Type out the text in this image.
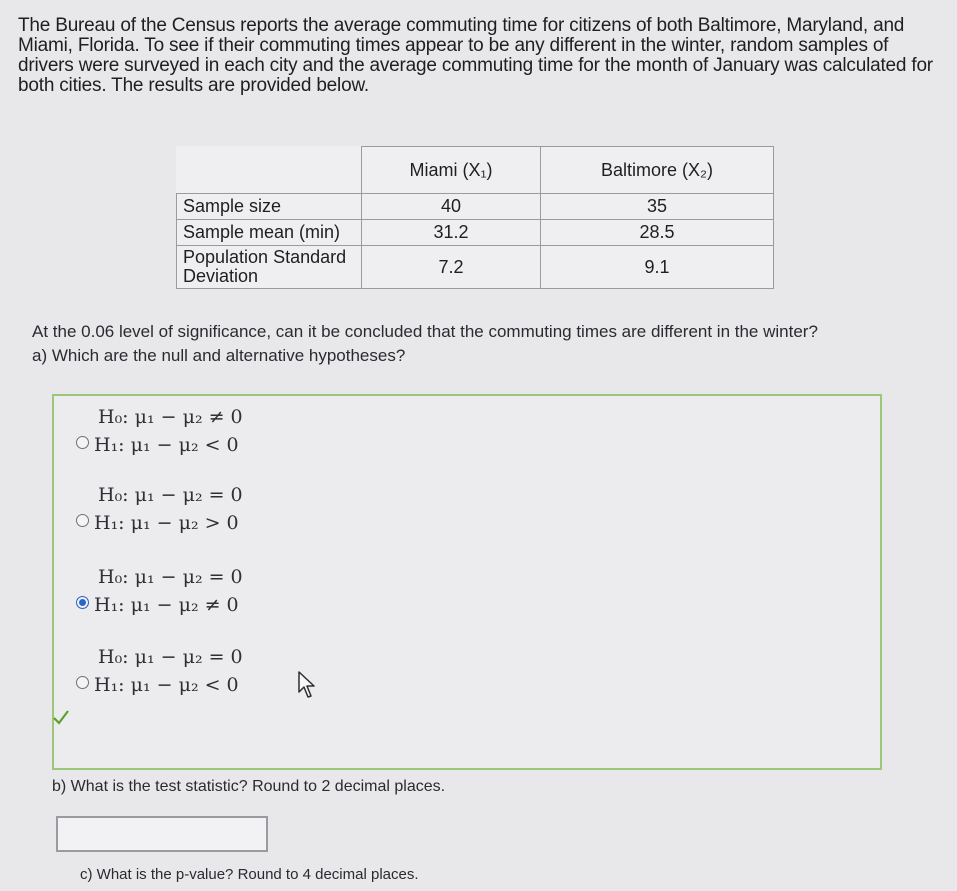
The Bureau of the Census reports the average commuting time for citizens of both Baltimore, Maryland, and Miami, Florida. To see if their commuting times appear to be any different in the winter, random samples of drivers were surveyed in each city and the average commuting time for the month of January was calculated for both cities. The results are provided below.
	Miami (X₁)	Baltimore (X₂)
Sample size	40	35
Sample mean (min)	31.2	28.5
Population Standard Deviation	7.2	9.1
At the 0.06 level of significance, can it be concluded that the commuting times are different in the winter?
a) Which are the null and alternative hypotheses?
H₀: μ₁ − μ₂ ≠ 0
H₁: μ₁ − μ₂ < 0
H₀: μ₁ − μ₂ = 0
H₁: μ₁ − μ₂ > 0
H₀: μ₁ − μ₂ = 0
H₁: μ₁ − μ₂ ≠ 0
H₀: μ₁ − μ₂ = 0
H₁: μ₁ − μ₂ < 0
b) What is the test statistic? Round to 2 decimal places.
c) What is the p-value? Round to 4 decimal places.
